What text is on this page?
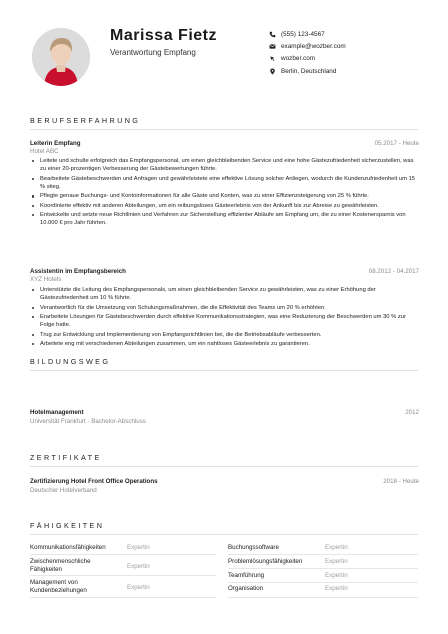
Marissa Fietz
Verantwortung Empfang
(555) 123-4567
example@wozber.com
wozber.com
Berlin, Deutschland
BERUFSERFAHRUNG
Leiterin Empfang	05.2017 - Heute
Hotel ABC
Leitete und schulte erfolgreich das Empfangspersonal, um einen gleichbleibenden Service und eine hohe Gästezufriedenheit sicherzustellen, was zu einer 20-prozentigen Verbesserung der Gästebewertungen führte.
Bearbeitete Gästebeschwerden und Anfragen und gewährleistete eine effektive Lösung solcher Anliegen, wodurch die Kundenzufriedenheit um 15 % stieg.
Pflegte genaue Buchungs- und Kontoinformationen für alle Gäste und Konten, was zu einer Effizienzsteigerung von 25 % führte.
Koordinierte effektiv mit anderen Abteilungen, um ein reibungsloses Gästeerlebnis von der Ankunft bis zur Abreise zu gewährleisten.
Entwickelte und setzte neue Richtlinien und Verfahren zur Sicherstellung effizienter Abläufe am Empfang um, die zu einer Kostenersparnis von 10.000 € pro Jahr führten.
Assistentin im Empfangsbereich	08.2012 - 04.2017
XYZ Hotels
Unterstützte die Leitung des Empfangspersonals, um einen gleichbleibenden Service zu gewährleisten, was zu einer Erhöhung der Gästezufriedenheit um 10 % führte.
Verantwortlich für die Umsetzung von Schulungsmaßnahmen, die die Effektivität des Teams um 20 % erhöhten.
Erarbeitete Lösungen für Gästebeschwerden durch effektive Kommunikationsstrategien, was eine Reduzierung der Beschwerden um 30 % zur Folge hatte.
Trug zur Entwicklung und Implementierung von Empfangsrichtlinien bei, die die Betriebsabläufe verbesserten.
Arbeitete eng mit verschiedenen Abteilungen zusammen, um ein nahtloses Gästeerlebnis zu garantieren.
BILDUNGSWEG
Hotelmanagement	2012
Universität Frankfurt - Bachelor-Abschluss
ZERTIFIKATE
Zertifizierung Hotel Front Office Operations	2018 - Heute
Deutscher Hotelverband
FÄHIGKEITEN
Kommunikationsfähigkeiten	Expertin
Zwischenmenschliche Fähigkeiten	Expertin
Management von Kundenbeziehungen	Expertin
Buchungssoftware	Expertin
Problemlösungsfähigkeiten	Expertin
Teamführung	Expertin
Organisation	Expertin
